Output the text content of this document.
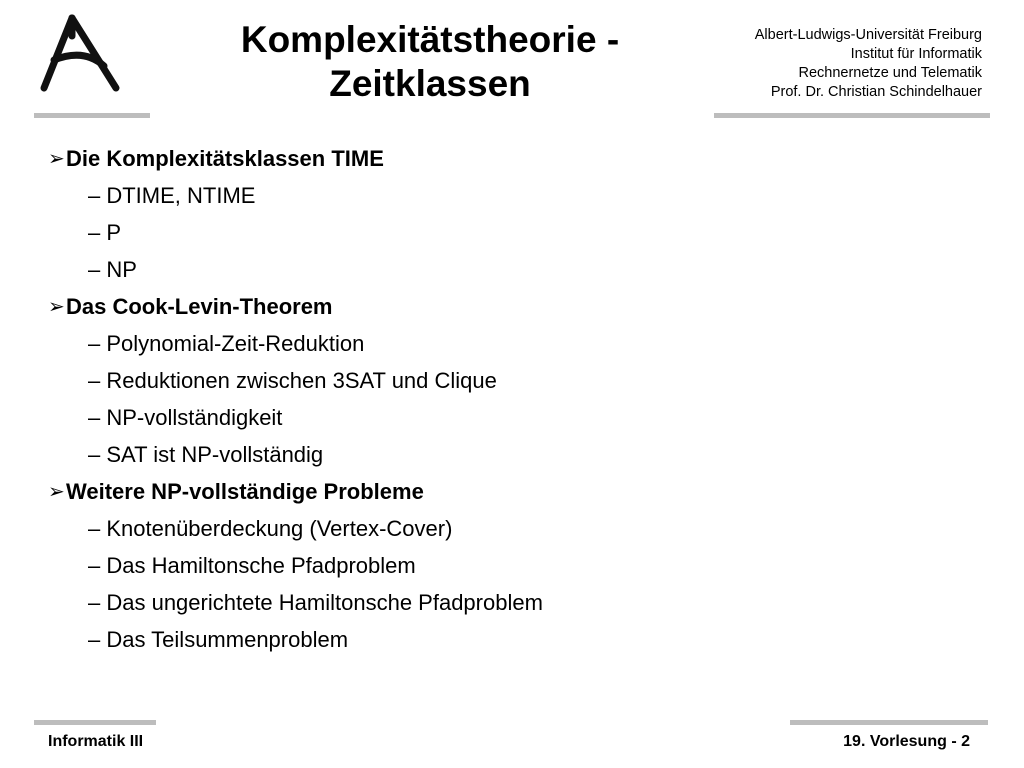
Komplexitätstheorie -
Zeitklassen
Albert-Ludwigs-Universität Freiburg
Institut für Informatik
Rechnernetze und Telematik
Prof. Dr. Christian Schindelhauer
➢ Die Komplexitätsklassen TIME
– DTIME, NTIME
– P
– NP
➢ Das Cook-Levin-Theorem
– Polynomial-Zeit-Reduktion
– Reduktionen zwischen 3SAT und Clique
– NP-vollständigkeit
– SAT ist NP-vollständig
➢ Weitere NP-vollständige Probleme
– Knotenüberdeckung (Vertex-Cover)
– Das Hamiltonsche Pfadproblem
– Das ungerichtete Hamiltonsche Pfadproblem
– Das Teilsummenproblem
Informatik III	19. Vorlesung - 2
